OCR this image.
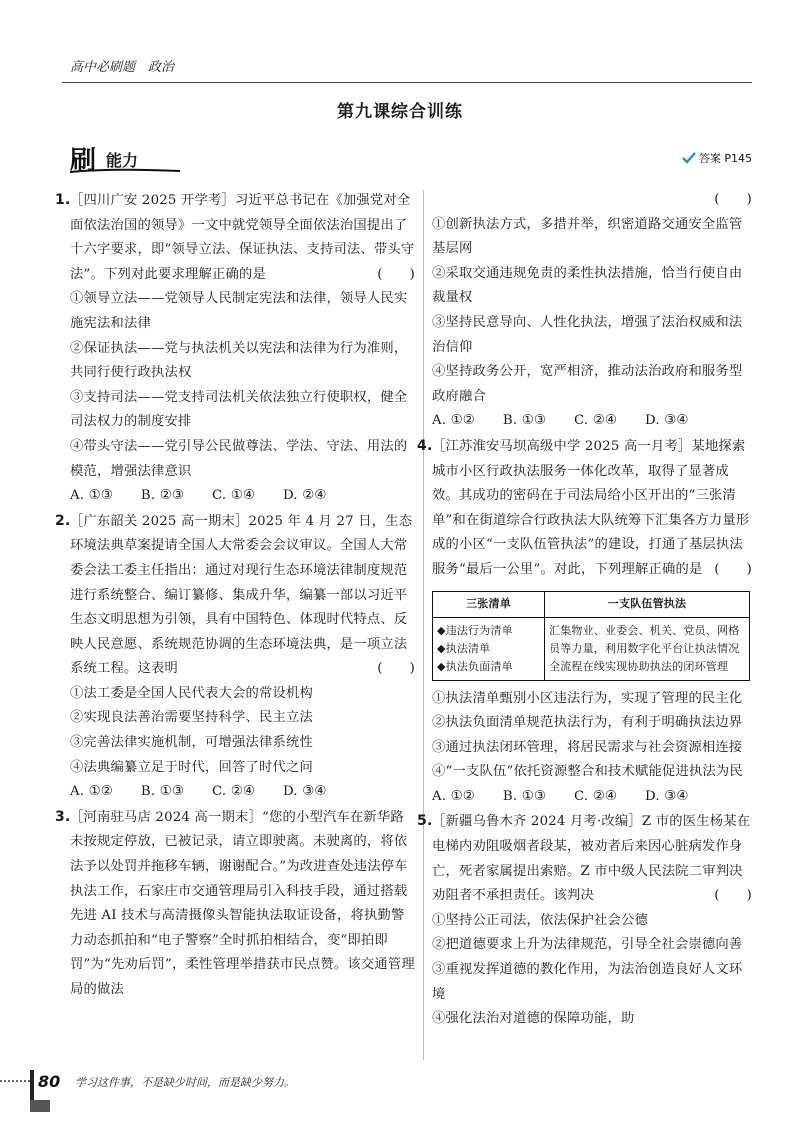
高中必刷题　政治
第九课综合训练
刷 能力	答案 P145
1.［四川广安 2025 开学考］习近平总书记在《加强党对全面依法治国的领导》一文中就党领导全面依法治国提出了十六字要求，即“领导立法、保证执法、支持司法、带头守法”。下列对此要求理解正确的是	(　　)
①领导立法——党领导人民制定宪法和法律，领导人民实施宪法和法律
②保证执法——党与执法机关以宪法和法律为行为准则，共同行使行政执法权
③支持司法——党支持司法机关依法独立行使职权，健全司法权力的制度安排
④带头守法——党引导公民做尊法、学法、守法、用法的模范，增强法律意识
A. ①③ B. ②③ C. ①④ D. ②④
2.［广东韶关 2025 高一期末］2025 年 4 月 27 日，生态环境法典草案提请全国人大常委会会议审议。全国人大常委会法工委主任指出：通过对现行生态环境法律制度规范进行系统整合、编订纂修、集成升华，编纂一部以习近平生态文明思想为引领，具有中国特色、体现时代特点、反映人民意愿、系统规范协调的生态环境法典，是一项立法系统工程。这表明	(　　)
①法工委是全国人民代表大会的常设机构
②实现良法善治需要坚持科学、民主立法
③完善法律实施机制，可增强法律系统性
④法典编纂立足于时代，回答了时代之问
A. ①② B. ①③ C. ②④ D. ③④
3.［河南驻马店 2024 高一期末］“您的小型汽车在新华路未按规定停放，已被记录，请立即驶离。未驶离的，将依法予以处罚并拖移车辆，谢谢配合。”为改进查处违法停车执法工作，石家庄市交通管理局引入科技手段，通过搭载先进 AI 技术与高清摄像头智能执法取证设备，将执勤警力动态抓拍和“电子警察”全时抓拍相结合，变“即拍即罚”为“先劝后罚”，柔性管理举措获市民点赞。该交通管理局的做法
(　　)

①创新执法方式，多措并举，织密道路交通安全监管基层网
②采取交通违规免责的柔性执法措施，恰当行使自由裁量权
③坚持民意导向、人性化执法，增强了法治权威和法治信仰
④坚持政务公开，宽严相济，推动法治政府和服务型政府融合
A. ①② B. ①③ C. ②④ D. ③④
4.［江苏淮安马坝高级中学 2025 高一月考］某地探索城市小区行政执法服务一体化改革，取得了显著成效。其成功的密码在于司法局给小区开出的“三张清单”和在街道综合行政执法大队统筹下汇集各方力量形成的小区“一支队伍管执法”的建设，打通了基层执法服务“最后一公里”。对此，下列理解正确的是 (　　)
三张清单	一支队伍管执法

◆违法行为清单
◆执法清单
◆执法负面清单	汇集物业、业委会、机关、党员、网格员等力量，利用数字化平台让执法情况全流程在线实现协助执法的闭环管理
①执法清单甄别小区违法行为，实现了管理的民主化
②执法负面清单规范执法行为，有利于明确执法边界
③通过执法闭环管理，将居民需求与社会资源相连接
④“一支队伍”依托资源整合和技术赋能促进执法为民
A. ①② B. ①③ C. ②④ D. ③④
5.［新疆乌鲁木齐 2024 月考·改编］Z 市的医生杨某在电梯内劝阻吸烟者段某，被劝者后来因心脏病发作身亡，死者家属提出索赔。Z 市中级人民法院二审判决劝阻者不承担责任。该判决	(　　)
①坚持公正司法，依法保护社会公德
②把道德要求上升为法律规范，引导全社会崇德向善
③重视发挥道德的教化作用，为法治创造良好人文环境
④强化法治对道德的保障功能，助
80 学习这件事，不是缺少时间，而是缺少努力。
